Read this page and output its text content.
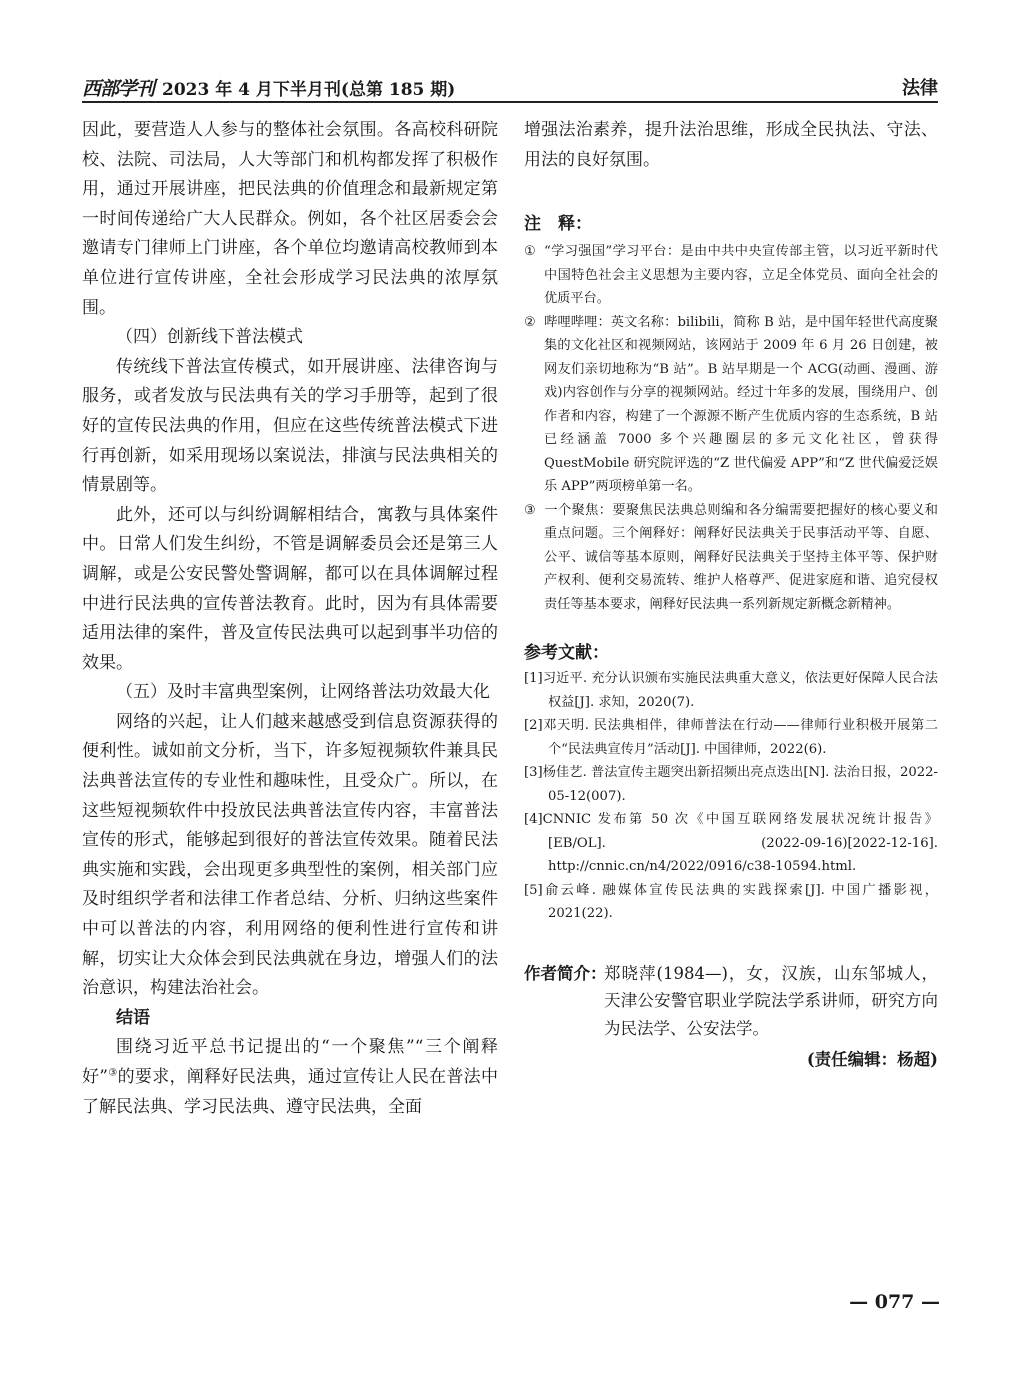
西部学刊 2023 年 4 月下半月刊(总第 185 期)	法律

因此，要营造人人参与的整体社会氛围。各高校科研院校、法院、司法局，人大等部门和机构都发挥了积极作用，通过开展讲座，把民法典的价值理念和最新规定第一时间传递给广大人民群众。例如，各个社区居委会会邀请专门律师上门讲座，各个单位均邀请高校教师到本单位进行宣传讲座，全社会形成学习民法典的浓厚氛围。

（四）创新线下普法模式

传统线下普法宣传模式，如开展讲座、法律咨询与服务，或者发放与民法典有关的学习手册等，起到了很好的宣传民法典的作用，但应在这些传统普法模式下进行再创新，如采用现场以案说法，排演与民法典相关的情景剧等。

此外，还可以与纠纷调解相结合，寓教与具体案件中。日常人们发生纠纷，不管是调解委员会还是第三人调解，或是公安民警处警调解，都可以在具体调解过程中进行民法典的宣传普法教育。此时，因为有具体需要适用法律的案件，普及宣传民法典可以起到事半功倍的效果。

（五）及时丰富典型案例，让网络普法功效最大化

网络的兴起，让人们越来越感受到信息资源获得的便利性。诚如前文分析，当下，许多短视频软件兼具民法典普法宣传的专业性和趣味性，且受众广。所以，在这些短视频软件中投放民法典普法宣传内容，丰富普法宣传的形式，能够起到很好的普法宣传效果。随着民法典实施和实践，会出现更多典型性的案例，相关部门应及时组织学者和法律工作者总结、分析、归纳这些案件中可以普法的内容，利用网络的便利性进行宣传和讲解，切实让大众体会到民法典就在身边，增强人们的法治意识，构建法治社会。

结语

围绕习近平总书记提出的“一个聚焦”“三个阐释好”③的要求，阐释好民法典，通过宣传让人民在普法中了解民法典、学习民法典、遵守民法典，全面

增强法治素养，提升法治思维，形成全民执法、守法、用法的良好氛围。

注　释：

① “学习强国”学习平台：是由中共中央宣传部主管，以习近平新时代中国特色社会主义思想为主要内容，立足全体党员、面向全社会的优质平台。

② 哔哩哔哩：英文名称：bilibili，简称 B 站，是中国年轻世代高度聚集的文化社区和视频网站，该网站于 2009 年 6 月 26 日创建，被网友们亲切地称为“B 站”。B 站早期是一个 ACG(动画、漫画、游戏)内容创作与分享的视频网站。经过十年多的发展，围绕用户、创作者和内容，构建了一个源源不断产生优质内容的生态系统，B 站已经涵盖 7000 多个兴趣圈层的多元文化社区，曾获得 QuestMobile 研究院评选的“Z 世代偏爱 APP”和“Z 世代偏爱泛娱乐 APP”两项榜单第一名。

③ 一个聚焦：要聚焦民法典总则编和各分编需要把握好的核心要义和重点问题。三个阐释好：阐释好民法典关于民事活动平等、自愿、公平、诚信等基本原则，阐释好民法典关于坚持主体平等、保护财产权利、便利交易流转、维护人格尊严、促进家庭和谐、追究侵权责任等基本要求，阐释好民法典一系列新规定新概念新精神。

参考文献：

[1]习近平. 充分认识颁布实施民法典重大意义，依法更好保障人民合法权益[J]. 求知，2020(7).

[2]邓天明. 民法典相伴，律师普法在行动——律师行业积极开展第二个“民法典宣传月”活动[J]. 中国律师，2022(6).

[3]杨佳艺. 普法宣传主题突出新招频出亮点迭出[N]. 法治日报，2022-05-12(007).

[4]CNNIC 发布第 50 次《中国互联网络发展状况统计报告》[EB/OL]. (2022-09-16)[2022-12-16]. http://cnnic.cn/n4/2022/0916/c38-10594.html.

[5]俞云峰. 融媒体宣传民法典的实践探索[J]. 中国广播影视，2021(22).

作者简介：
郑晓萍(1984—)，女，汉族，山东邹城人，天津公安警官职业学院法学系讲师，研究方向为民法学、公安法学。
(责任编辑：杨超)
— 077 —
